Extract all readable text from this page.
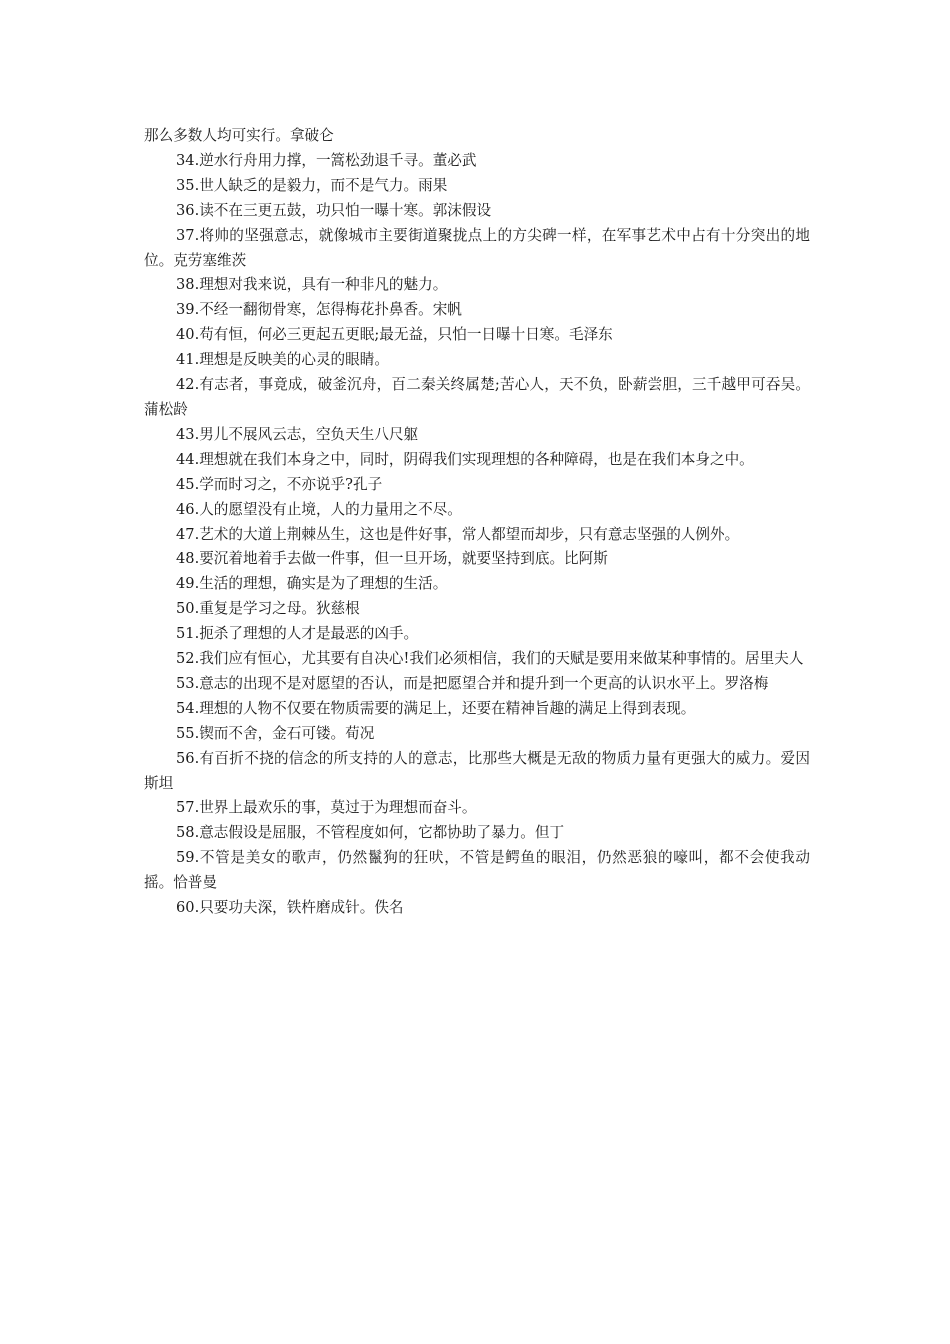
那么多数人均可实行。拿破仑

34.逆水行舟用力撑，一篙松劲退千寻。董必武

35.世人缺乏的是毅力，而不是气力。雨果

36.读不在三更五鼓，功只怕一曝十寒。郭沫假设

37.将帅的坚强意志，就像城市主要街道聚拢点上的方尖碑一样，在军事艺术中占有十分突出的地位。克劳塞维茨

38.理想对我来说，具有一种非凡的魅力。

39.不经一翻彻骨寒，怎得梅花扑鼻香。宋帆

40.苟有恒，何必三更起五更眠;最无益，只怕一日曝十日寒。毛泽东

41.理想是反映美的心灵的眼睛。

42.有志者，事竟成，破釜沉舟，百二秦关终属楚;苦心人，天不负，卧薪尝胆，三千越甲可吞吴。蒲松龄

43.男儿不展风云志，空负天生八尺躯

44.理想就在我们本身之中，同时，阴碍我们实现理想的各种障碍，也是在我们本身之中。

45.学而时习之，不亦说乎?孔子

46.人的愿望没有止境，人的力量用之不尽。

47.艺术的大道上荆棘丛生，这也是件好事，常人都望而却步，只有意志坚强的人例外。

48.要沉着地着手去做一件事，但一旦开场，就要坚持到底。比阿斯

49.生活的理想，确实是为了理想的生活。

50.重复是学习之母。狄慈根

51.扼杀了理想的人才是最恶的凶手。

52.我们应有恒心，尤其要有自决心!我们必须相信，我们的天赋是要用来做某种事情的。居里夫人

53.意志的出现不是对愿望的否认，而是把愿望合并和提升到一个更高的认识水平上。罗洛梅

54.理想的人物不仅要在物质需要的满足上，还要在精神旨趣的满足上得到表现。

55.锲而不舍，金石可镂。荀况

56.有百折不挠的信念的所支持的人的意志，比那些大概是无敌的物质力量有更强大的威力。爱因斯坦

57.世界上最欢乐的事，莫过于为理想而奋斗。

58.意志假设是屈服，不管程度如何，它都协助了暴力。但丁

59.不管是美女的歌声，仍然鬣狗的狂吠，不管是鳄鱼的眼泪，仍然恶狼的嚎叫，都不会使我动摇。恰普曼

60.只要功夫深，铁杵磨成针。佚名
